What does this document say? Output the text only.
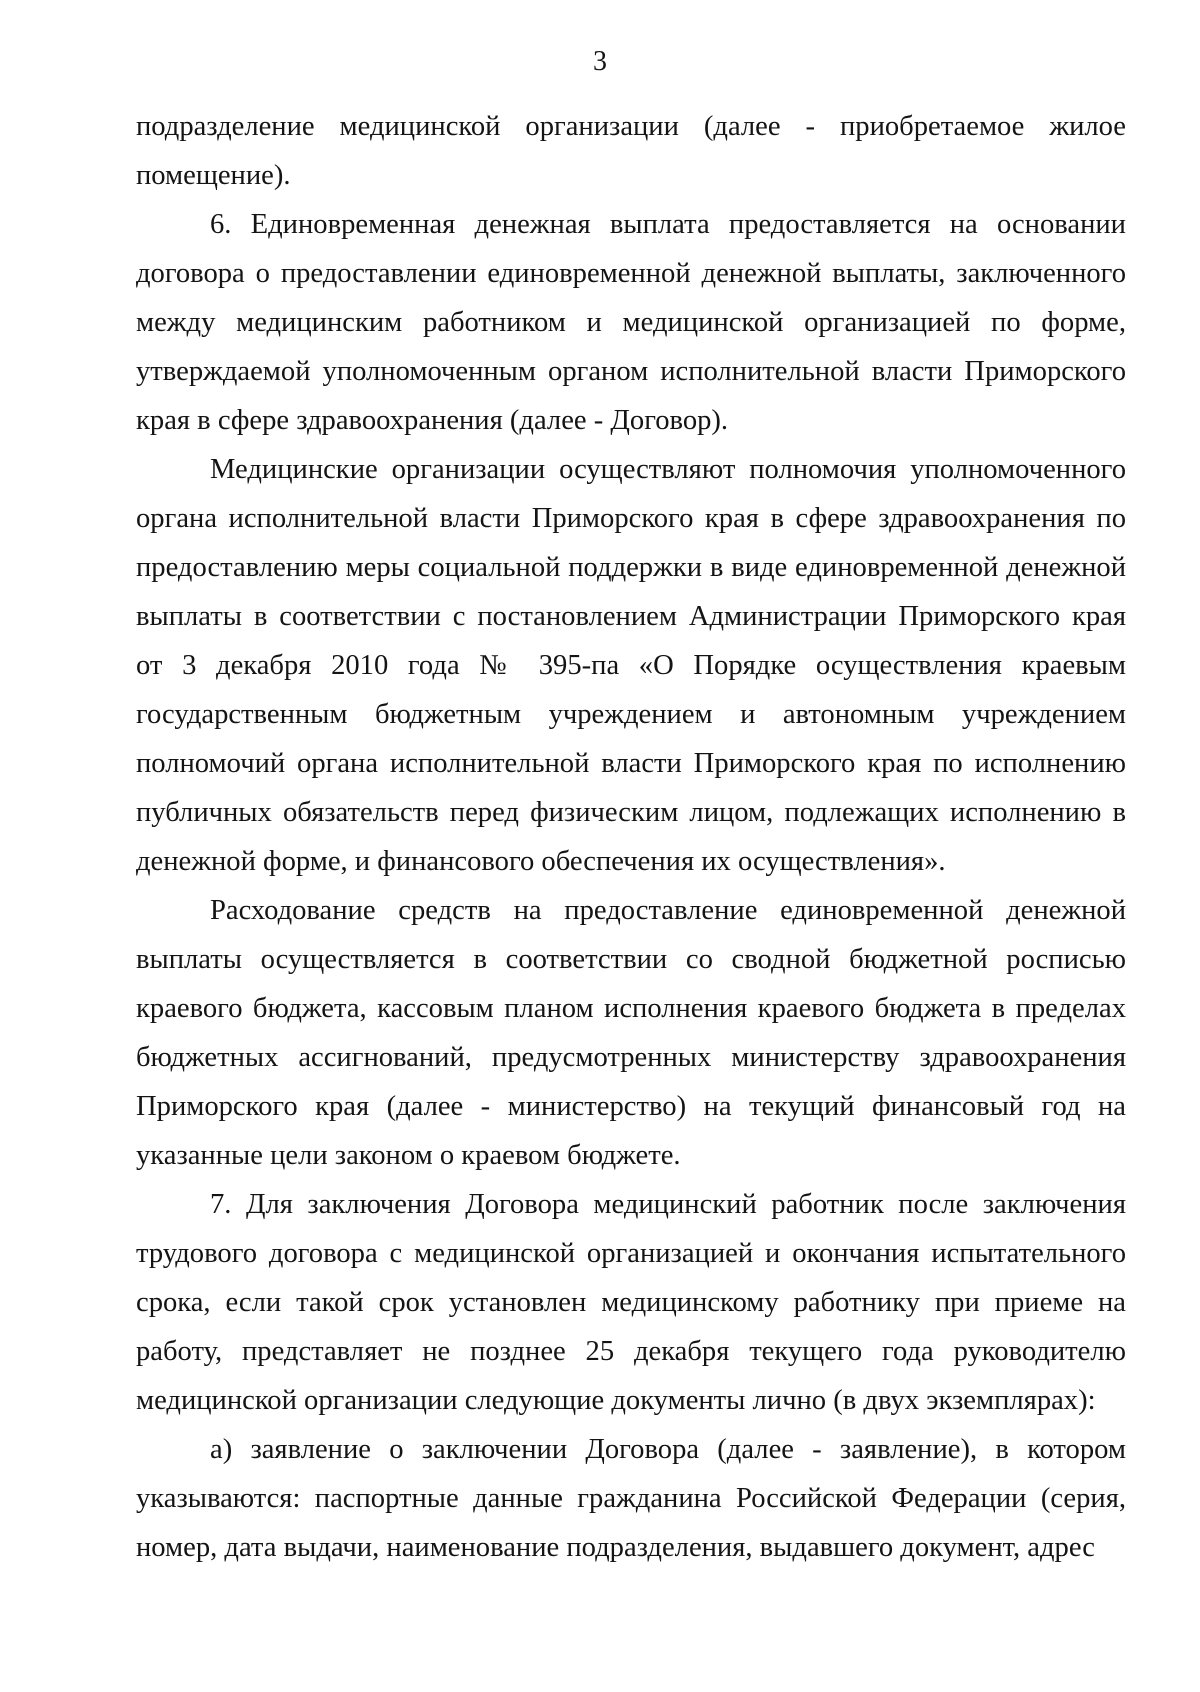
3

подразделение медицинской организации (далее - приобретаемое жилое помещение).

6. Единовременная денежная выплата предоставляется на основании договора о предоставлении единовременной денежной выплаты, заключенного между медицинским работником и медицинской организацией по форме, утверждаемой уполномоченным органом исполнительной власти Приморского края в сфере здравоохранения (далее - Договор).

Медицинские организации осуществляют полномочия уполномоченного органа исполнительной власти Приморского края в сфере здравоохранения по предоставлению меры социальной поддержки в виде единовременной денежной выплаты в соответствии с постановлением Администрации Приморского края от 3 декабря 2010 года № 395-па «О Порядке осуществления краевым государственным бюджетным учреждением и автономным учреждением полномочий органа исполнительной власти Приморского края по исполнению публичных обязательств перед физическим лицом, подлежащих исполнению в денежной форме, и финансового обеспечения их осуществления».

Расходование средств на предоставление единовременной денежной выплаты осуществляется в соответствии со сводной бюджетной росписью краевого бюджета, кассовым планом исполнения краевого бюджета в пределах бюджетных ассигнований, предусмотренных министерству здравоохранения Приморского края (далее - министерство) на текущий финансовый год на указанные цели законом о краевом бюджете.

7. Для заключения Договора медицинский работник после заключения трудового договора с медицинской организацией и окончания испытательного срока, если такой срок установлен медицинскому работнику при приеме на работу, представляет не позднее 25 декабря текущего года руководителю медицинской организации следующие документы лично (в двух экземплярах):

а) заявление о заключении Договора (далее - заявление), в котором указываются: паспортные данные гражданина Российской Федерации (серия, номер, дата выдачи, наименование подразделения, выдавшего документ, адрес
